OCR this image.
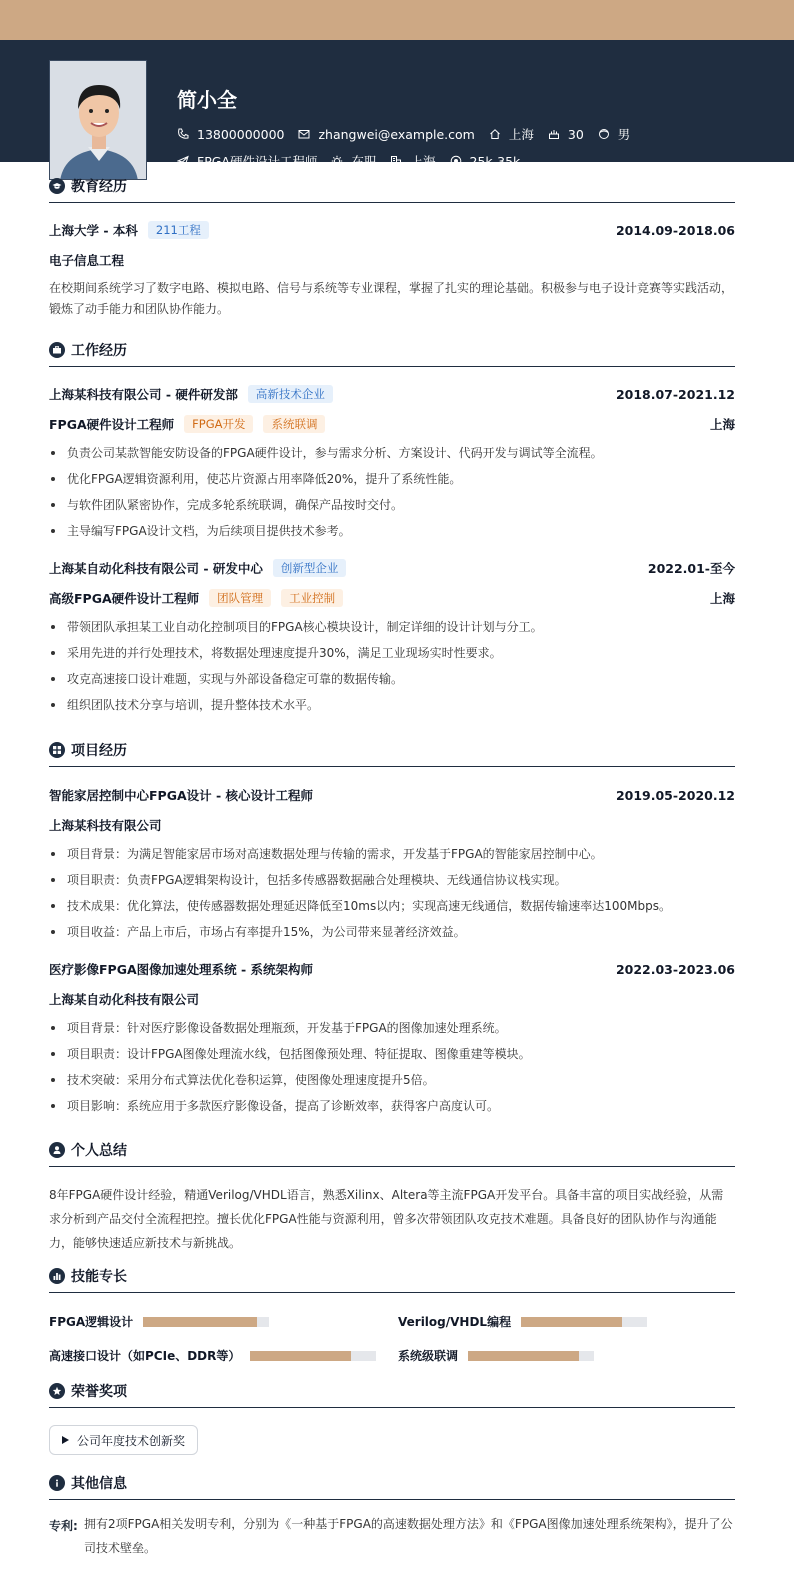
简小全
13800000000	zhangwei@example.com	上海	30	男
FPGA硬件设计工程师	在职	上海	25k-35k
教育经历
上海大学 - 本科	211工程	2014.09-2018.06
电子信息工程
在校期间系统学习了数字电路、模拟电路、信号与系统等专业课程，掌握了扎实的理论基础。积极参与电子设计竞赛等实践活动，锻炼了动手能力和团队协作能力。
工作经历
上海某科技有限公司 - 硬件研发部	高新技术企业	2018.07-2021.12
FPGA硬件设计工程师	FPGA开发	系统联调	上海
负责公司某款智能安防设备的FPGA硬件设计，参与需求分析、方案设计、代码开发与调试等全流程。
优化FPGA逻辑资源利用，使芯片资源占用率降低20%，提升了系统性能。
与软件团队紧密协作，完成多轮系统联调，确保产品按时交付。
主导编写FPGA设计文档，为后续项目提供技术参考。
上海某自动化科技有限公司 - 研发中心	创新型企业	2022.01-至今
高级FPGA硬件设计工程师	团队管理	工业控制	上海
带领团队承担某工业自动化控制项目的FPGA核心模块设计，制定详细的设计计划与分工。
采用先进的并行处理技术，将数据处理速度提升30%，满足工业现场实时性要求。
攻克高速接口设计难题，实现与外部设备稳定可靠的数据传输。
组织团队技术分享与培训，提升整体技术水平。
项目经历
智能家居控制中心FPGA设计 - 核心设计工程师	2019.05-2020.12
上海某科技有限公司
项目背景：为满足智能家居市场对高速数据处理与传输的需求，开发基于FPGA的智能家居控制中心。
项目职责：负责FPGA逻辑架构设计，包括多传感器数据融合处理模块、无线通信协议栈实现。
技术成果：优化算法，使传感器数据处理延迟降低至10ms以内；实现高速无线通信，数据传输速率达100Mbps。
项目收益：产品上市后，市场占有率提升15%，为公司带来显著经济效益。
医疗影像FPGA图像加速处理系统 - 系统架构师	2022.03-2023.06
上海某自动化科技有限公司
项目背景：针对医疗影像设备数据处理瓶颈，开发基于FPGA的图像加速处理系统。
项目职责：设计FPGA图像处理流水线，包括图像预处理、特征提取、图像重建等模块。
技术突破：采用分布式算法优化卷积运算，使图像处理速度提升5倍。
项目影响：系统应用于多款医疗影像设备，提高了诊断效率，获得客户高度认可。
个人总结
8年FPGA硬件设计经验，精通Verilog/VHDL语言，熟悉Xilinx、Altera等主流FPGA开发平台。具备丰富的项目实战经验，从需求分析到产品交付全流程把控。擅长优化FPGA性能与资源利用，曾多次带领团队攻克技术难题。具备良好的团队协作与沟通能力，能够快速适应新技术与新挑战。
技能专长
FPGA逻辑设计	Verilog/VHDL编程
高速接口设计（如PCIe、DDR等）	系统级联调
荣誉奖项
公司年度技术创新奖
其他信息
专利: 拥有2项FPGA相关发明专利，分别为《一种基于FPGA的高速数据处理方法》和《FPGA图像加速处理系统架构》，提升了公司技术壁垒。
